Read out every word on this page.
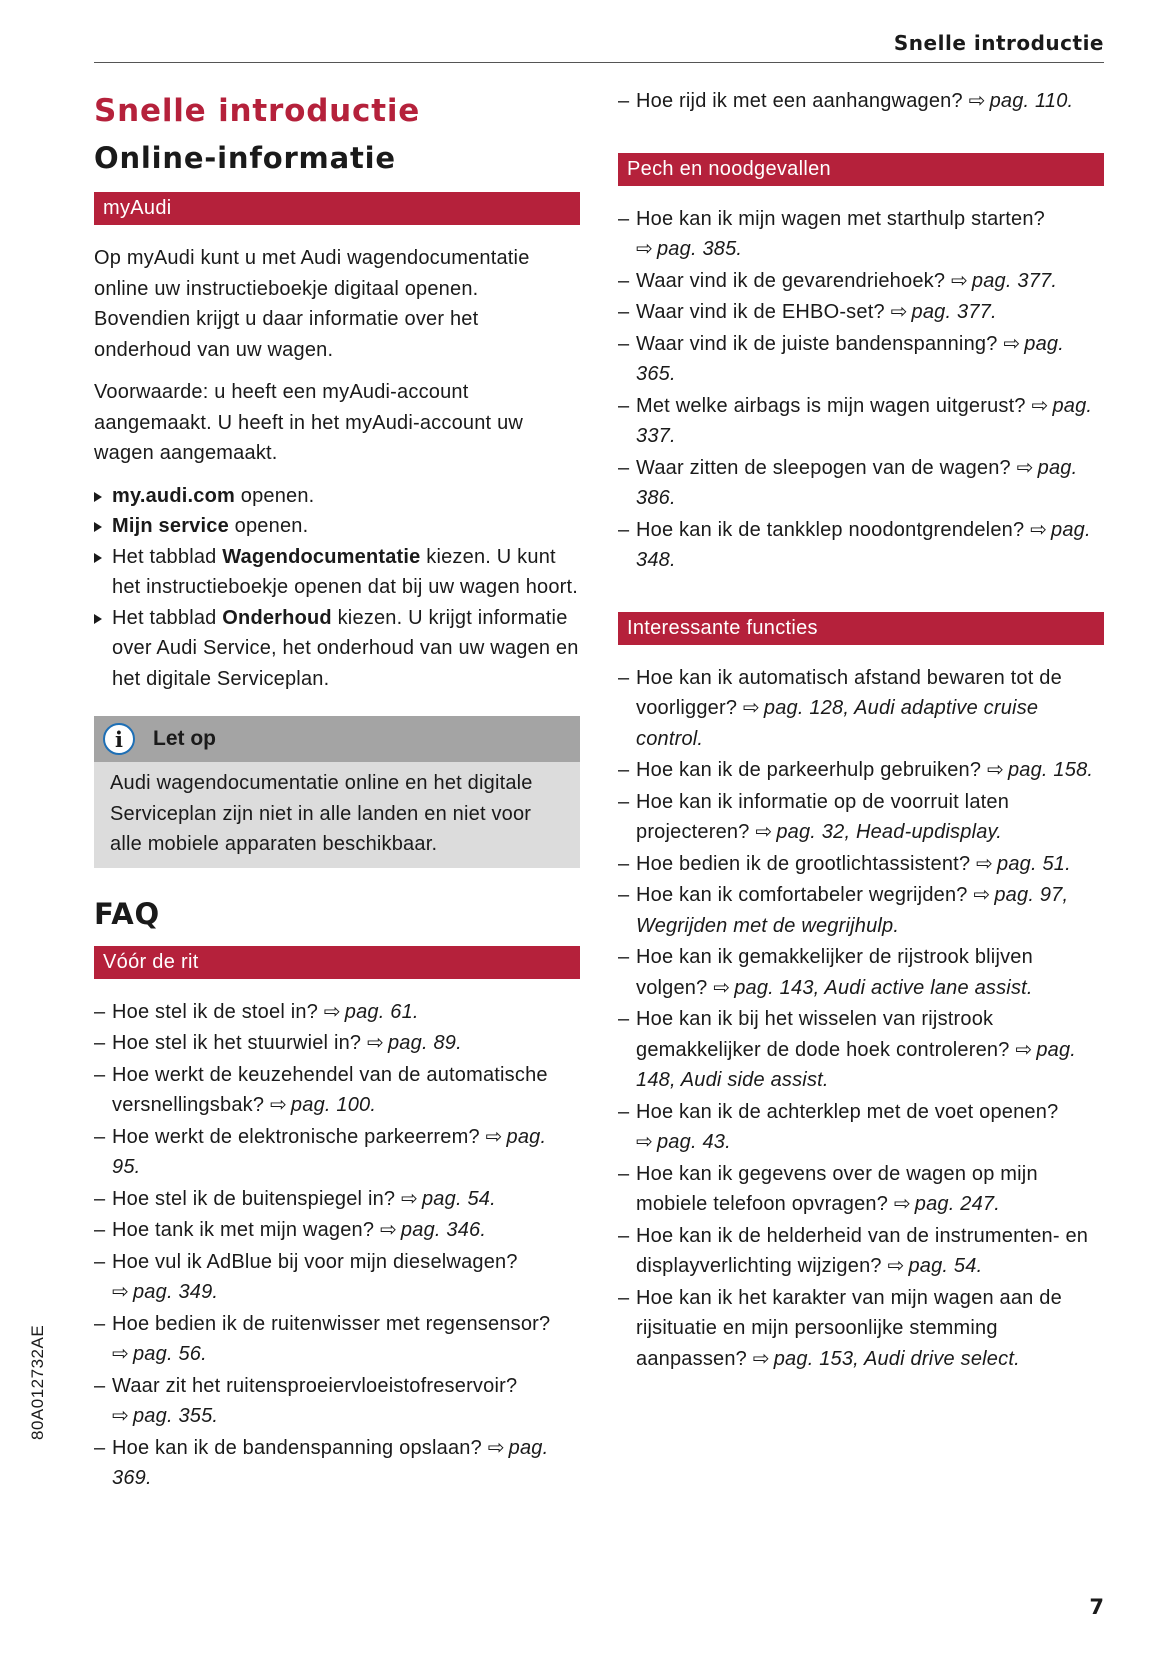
Snelle introductie
Snelle introductie
Online-informatie
myAudi

Op myAudi kunt u met Audi wagendocumentatie online uw instructieboekje digitaal openen. Bovendien krijgt u daar informatie over het onderhoud van uw wagen.

Voorwaarde: u heeft een myAudi-account aangemaakt. U heeft in het myAudi-account uw wagen aangemaakt.

my.audi.com openen.
Mijn service openen.
Het tabblad Wagendocumentatie kiezen. U kunt het instructieboekje openen dat bij uw wagen hoort.
Het tabblad Onderhoud kiezen. U krijgt informatie over Audi Service, het onderhoud van uw wagen en het digitale Serviceplan.
i	Let op
Audi wagendocumentatie online en het digitale Serviceplan zijn niet in alle landen en niet voor alle mobiele apparaten beschikbaar.
FAQ
Vóór de rit
– Hoe stel ik de stoel in? ⇨ pag. 61.
– Hoe stel ik het stuurwiel in? ⇨ pag. 89.
– Hoe werkt de keuzehendel van de automatische versnellingsbak? ⇨ pag. 100.
– Hoe werkt de elektronische parkeerrem? ⇨ pag. 95.
– Hoe stel ik de buitenspiegel in? ⇨ pag. 54.
– Hoe tank ik met mijn wagen? ⇨ pag. 346.
– Hoe vul ik AdBlue bij voor mijn dieselwagen? ⇨ pag. 349.
– Hoe bedien ik de ruitenwisser met regensensor? ⇨ pag. 56.
– Waar zit het ruitensproeiervloeistofreservoir? ⇨ pag. 355.
– Hoe kan ik de bandenspanning opslaan? ⇨ pag. 369.
– Hoe rijd ik met een aanhangwagen? ⇨ pag. 110.
Pech en noodgevallen
– Hoe kan ik mijn wagen met starthulp starten? ⇨ pag. 385.
– Waar vind ik de gevarendriehoek? ⇨ pag. 377.
– Waar vind ik de EHBO-set? ⇨ pag. 377.
– Waar vind ik de juiste bandenspanning? ⇨ pag. 365.
– Met welke airbags is mijn wagen uitgerust? ⇨ pag. 337.
– Waar zitten de sleepogen van de wagen? ⇨ pag. 386.
– Hoe kan ik de tankklep noodontgrendelen? ⇨ pag. 348.
Interessante functies
– Hoe kan ik automatisch afstand bewaren tot de voorligger? ⇨ pag. 128, Audi adaptive cruise control.
– Hoe kan ik de parkeerhulp gebruiken? ⇨ pag. 158.
– Hoe kan ik informatie op de voorruit laten projecteren? ⇨ pag. 32, Head-updisplay.
– Hoe bedien ik de grootlichtassistent? ⇨ pag. 51.
– Hoe kan ik comfortabeler wegrijden? ⇨ pag. 97, Wegrijden met de wegrijhulp.
– Hoe kan ik gemakkelijker de rijstrook blijven volgen? ⇨ pag. 143, Audi active lane assist.
– Hoe kan ik bij het wisselen van rijstrook gemakkelijker de dode hoek controleren? ⇨ pag. 148, Audi side assist.
– Hoe kan ik de achterklep met de voet openen? ⇨ pag. 43.
– Hoe kan ik gegevens over de wagen op mijn mobiele telefoon opvragen? ⇨ pag. 247.
– Hoe kan ik de helderheid van de instrumenten- en displayverlichting wijzigen? ⇨ pag. 54.
– Hoe kan ik het karakter van mijn wagen aan de rijsituatie en mijn persoonlijke stemming aanpassen? ⇨ pag. 153, Audi drive select.
80A012732AE
7
